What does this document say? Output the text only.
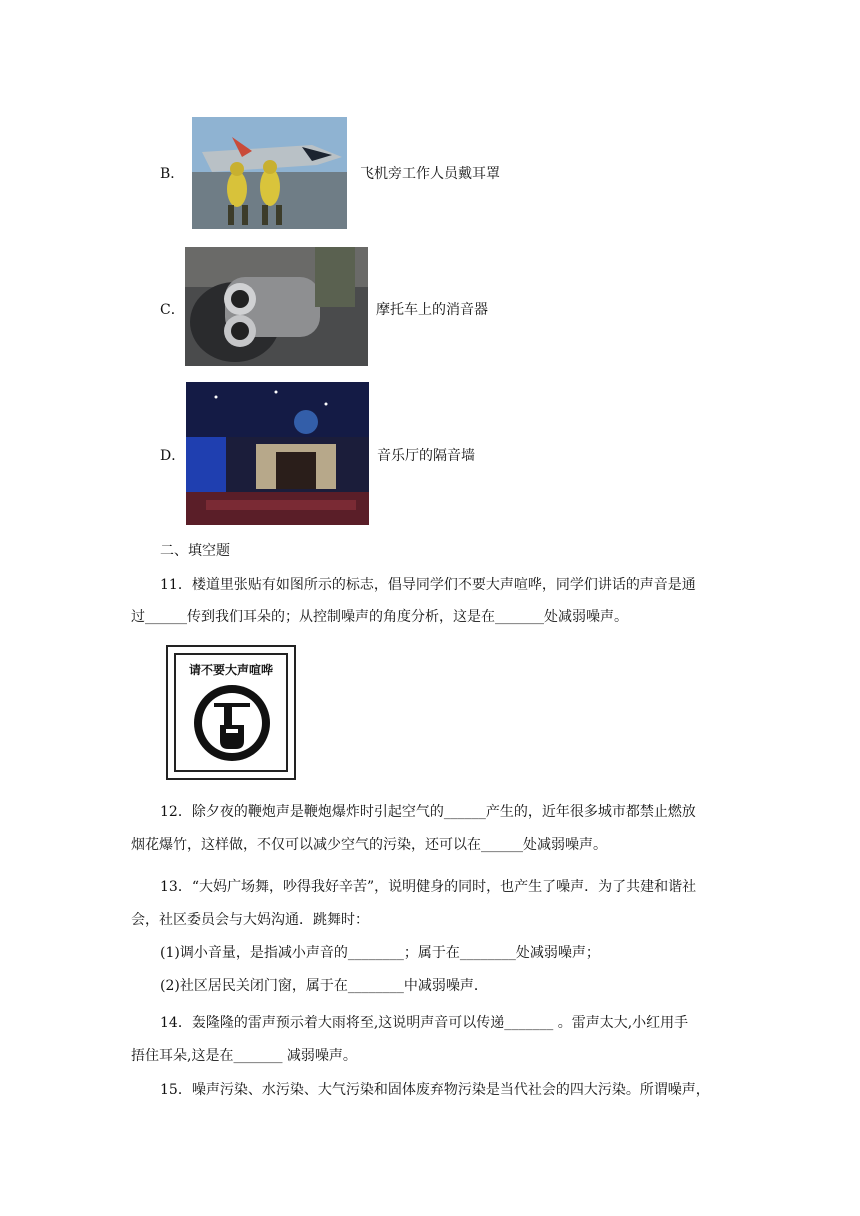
B．	飞机旁工作人员戴耳罩
C．	摩托车上的消音器
D．	音乐厅的隔音墙
二、填空题
11．楼道里张贴有如图所示的标志，倡导同学们不要大声喧哗，同学们讲话的声音是通
过______传到我们耳朵的；从控制噪声的角度分析，这是在_______处减弱噪声。
请不要大声喧哗
12．除夕夜的鞭炮声是鞭炮爆炸时引起空气的______产生的，近年很多城市都禁止燃放
烟花爆竹，这样做，不仅可以减少空气的污染，还可以在______处减弱噪声。
13．“大妈广场舞，吵得我好辛苦”，说明健身的同时，也产生了噪声．为了共建和谐社
会，社区委员会与大妈沟通．跳舞时：
(1)调小音量，是指减小声音的________；属于在________处减弱噪声；
(2)社区居民关闭门窗，属于在________中减弱噪声．
14．轰隆隆的雷声预示着大雨将至,这说明声音可以传递_______ 。雷声太大,小红用手
捂住耳朵,这是在_______ 减弱噪声。
15．噪声污染、水污染、大气污染和固体废弃物污染是当代社会的四大污染。所谓噪声，
